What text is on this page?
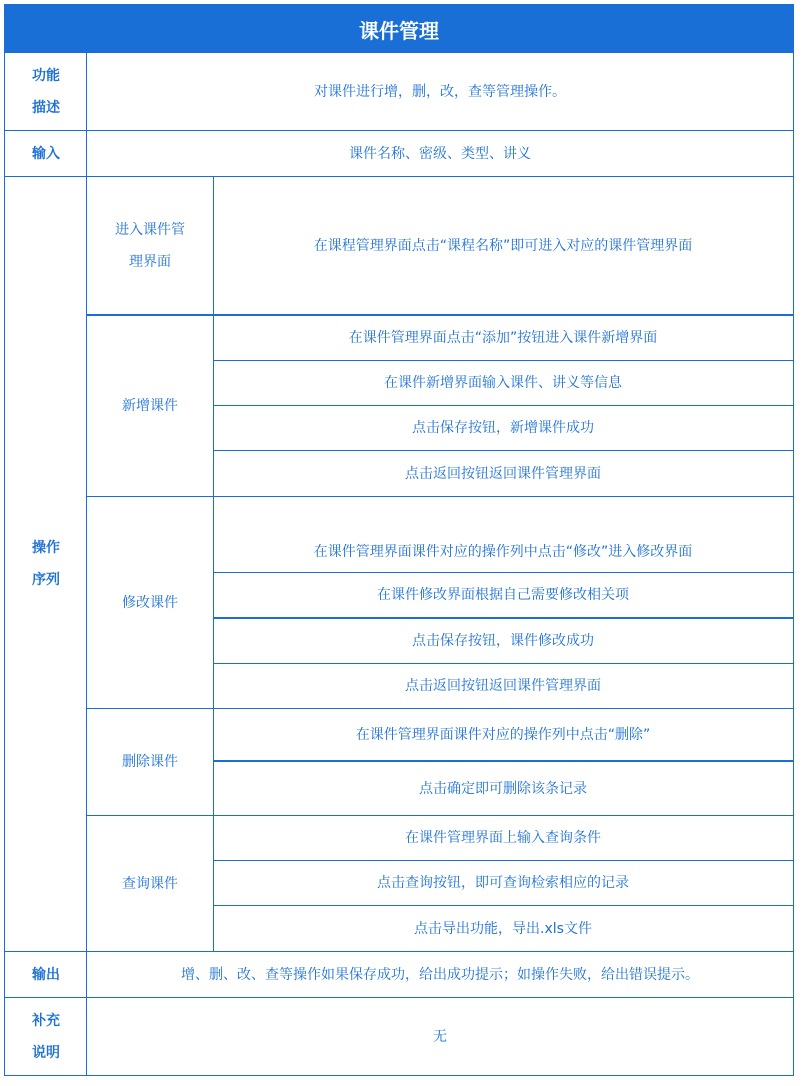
课件管理
功能
描述
对课件进行增，删，改，查等管理操作。
输入	课件名称、密级、类型、讲义
操作
序列
进入课件管
理界面
在课程管理界面点击“课程名称”即可进入对应的课件管理界面
新增课件
在课件管理界面点击“添加”按钮进入课件新增界面
在课件新增界面输入课件、讲义等信息
点击保存按钮，新增课件成功
点击返回按钮返回课件管理界面
修改课件
在课件管理界面课件对应的操作列中点击“修改”进入修改界面
在课件修改界面根据自己需要修改相关项
点击保存按钮，课件修改成功
点击返回按钮返回课件管理界面
删除课件
在课件管理界面课件对应的操作列中点击“删除”
点击确定即可删除该条记录
查询课件
在课件管理界面上输入查询条件
点击查询按钮，即可查询检索相应的记录
点击导出功能，导出.xls文件
输出	增、删、改、查等操作如果保存成功，给出成功提示；如操作失败，给出错误提示。
补充
说明
无
